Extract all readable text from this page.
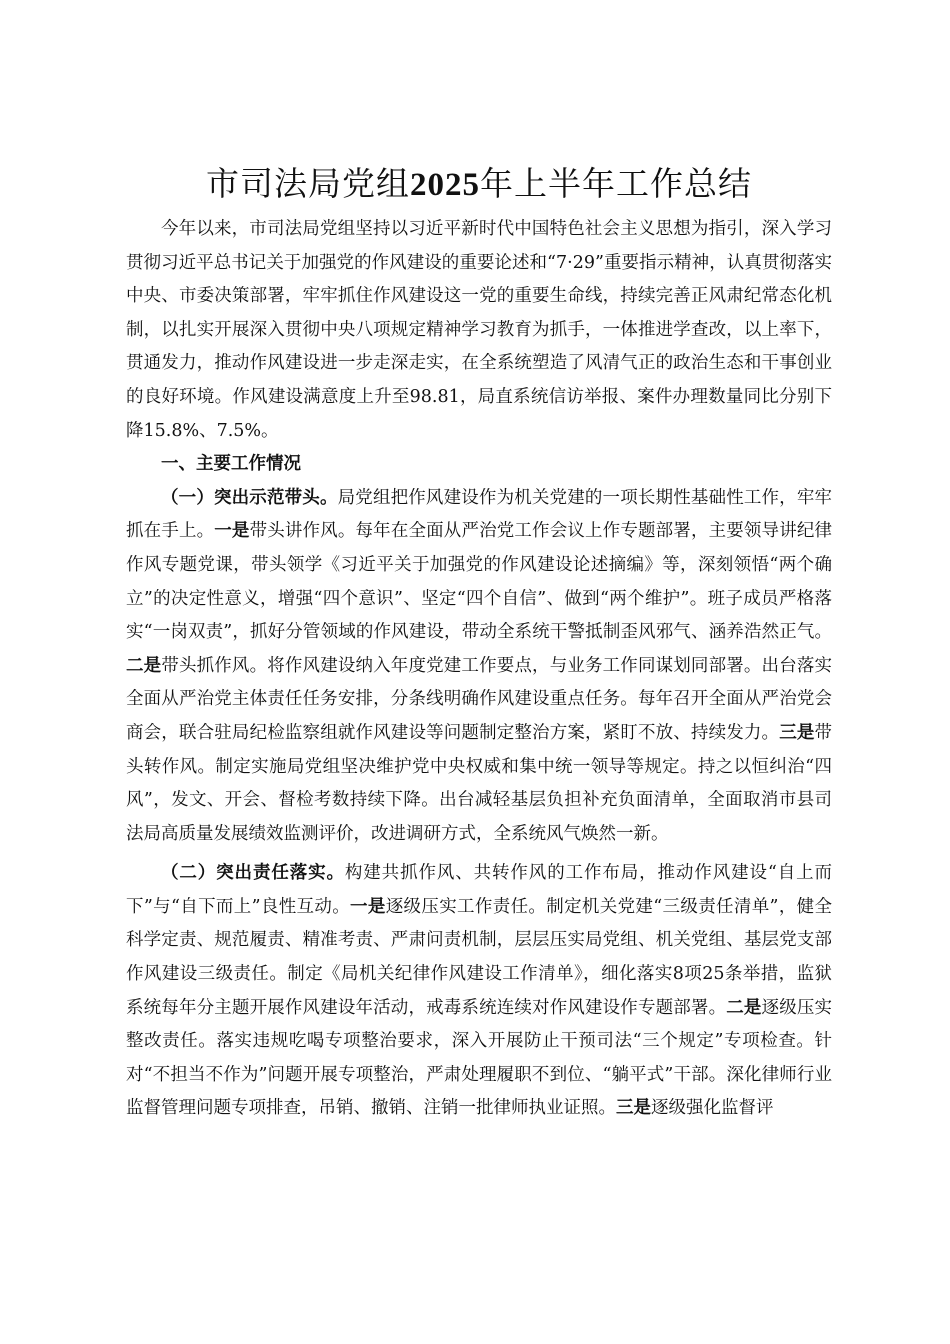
市司法局党组2025年上半年工作总结

今年以来，市司法局党组坚持以习近平新时代中国特色社会主义思想为指引，深入学习贯彻习近平总书记关于加强党的作风建设的重要论述和“7·29”重要指示精神，认真贯彻落实中央、市委决策部署，牢牢抓住作风建设这一党的重要生命线，持续完善正风肃纪常态化机制，以扎实开展深入贯彻中央八项规定精神学习教育为抓手，一体推进学查改，以上率下，贯通发力，推动作风建设进一步走深走实，在全系统塑造了风清气正的政治生态和干事创业的良好环境。作风建设满意度上升至98.81，局直系统信访举报、案件办理数量同比分别下降15.8%、7.5%。

一、主要工作情况

（一）突出示范带头。局党组把作风建设作为机关党建的一项长期性基础性工作，牢牢抓在手上。一是带头讲作风。每年在全面从严治党工作会议上作专题部署，主要领导讲纪律作风专题党课，带头领学《习近平关于加强党的作风建设论述摘编》等，深刻领悟“两个确立”的决定性意义，增强“四个意识”、坚定“四个自信”、做到“两个维护”。班子成员严格落实“一岗双责”，抓好分管领域的作风建设，带动全系统干警抵制歪风邪气、涵养浩然正气。二是带头抓作风。将作风建设纳入年度党建工作要点，与业务工作同谋划同部署。出台落实全面从严治党主体责任任务安排，分条线明确作风建设重点任务。每年召开全面从严治党会商会，联合驻局纪检监察组就作风建设等问题制定整治方案，紧盯不放、持续发力。三是带头转作风。制定实施局党组坚决维护党中央权威和集中统一领导等规定。持之以恒纠治“四风”，发文、开会、督检考数持续下降。出台减轻基层负担补充负面清单，全面取消市县司法局高质量发展绩效监测评价，改进调研方式，全系统风气焕然一新。

（二）突出责任落实。构建共抓作风、共转作风的工作布局，推动作风建设“自上而下”与“自下而上”良性互动。一是逐级压实工作责任。制定机关党建“三级责任清单”，健全科学定责、规范履责、精准考责、严肃问责机制，层层压实局党组、机关党组、基层党支部作风建设三级责任。制定《局机关纪律作风建设工作清单》，细化落实8项25条举措，监狱系统每年分主题开展作风建设年活动，戒毒系统连续对作风建设作专题部署。二是逐级压实整改责任。落实违规吃喝专项整治要求，深入开展防止干预司法“三个规定”专项检查。针对“不担当不作为”问题开展专项整治，严肃处理履职不到位、“躺平式”干部。深化律师行业监督管理问题专项排查，吊销、撤销、注销一批律师执业证照。三是逐级强化监督评
